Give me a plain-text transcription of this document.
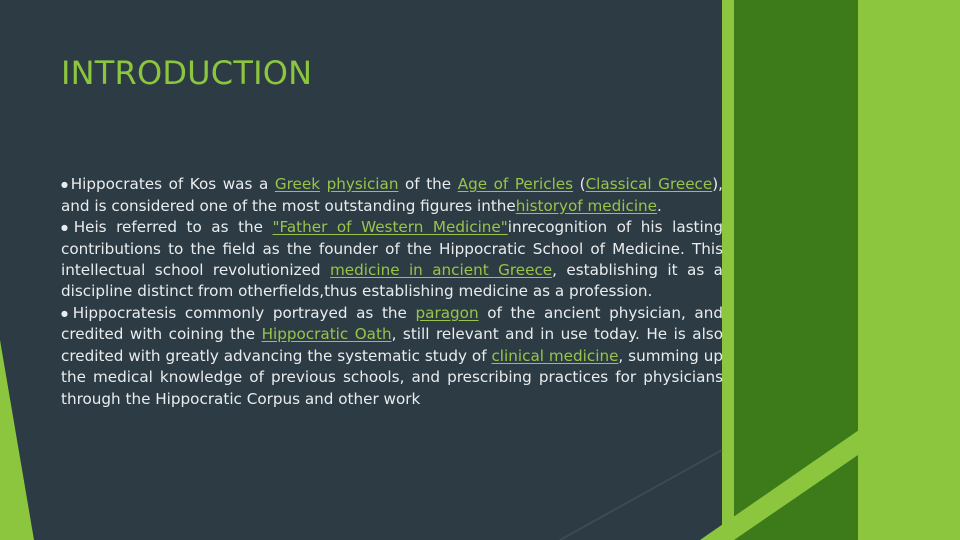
INTRODUCTION

●Hippocrates of Kos was a Greek physician of the Age of Pericles (Classical Greece), and is considered one of the most outstanding figures inthehistoryof medicine.

●Heis referred to as the "Father of Western Medicine"inrecognition of his lasting contributions to the field as the founder of the Hippocratic School of Medicine. This intellectual school revolutionized medicine in ancient Greece, establishing it as a discipline distinct from otherfields,thus establishing medicine as a profession.

●Hippocratesis commonly portrayed as the paragon of the ancient physician, and credited with coining the Hippocratic Oath, still relevant and in use today. He is also credited with greatly advancing the systematic study of clinical medicine, summing up the medical knowledge of previous schools, and prescribing practices for physicians through the Hippocratic Corpus and other work
